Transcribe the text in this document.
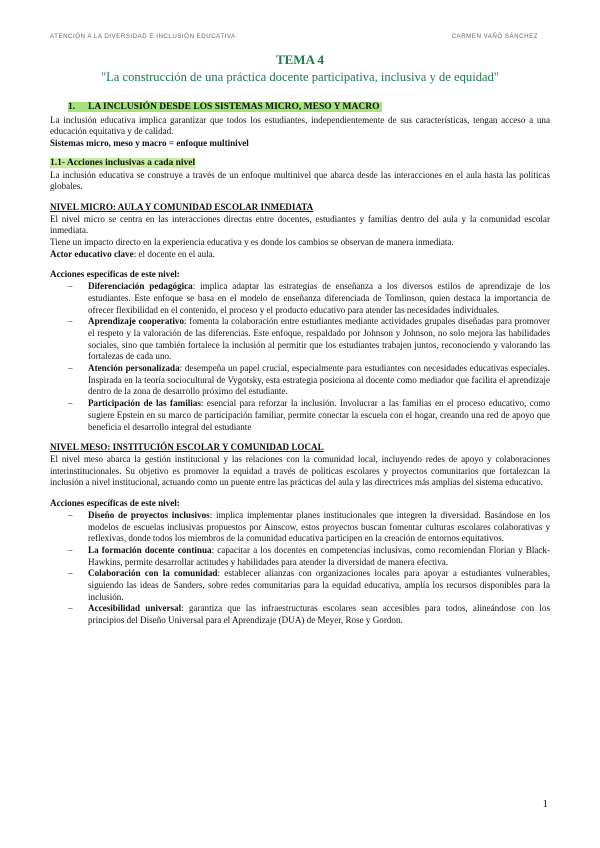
ATENCIÓN A LA DIVERSIDAD E INCLUSIÓN EDUCATIVA	CARMEN VAÑÓ SÁNCHEZ
TEMA 4
"La construcción de una práctica docente participativa, inclusiva y de equidad"

1. LA INCLUSIÓN DESDE LOS SISTEMAS MICRO, MESO Y MACRO

La inclusión educativa implica garantizar que todos los estudiantes, independientemente de sus características, tengan acceso a una educación equitativa y de calidad.

Sistemas micro, meso y macro = enfoque multinivel

1.1- Acciones inclusivas a cada nivel

La inclusión educativa se construye a través de un enfoque multinivel que abarca desde las interacciones en el aula hasta las políticas globales.

NIVEL MICRO: AULA Y COMUNIDAD ESCOLAR INMEDIATA

El nivel micro se centra en las interacciones directas entre docentes, estudiantes y familias dentro del aula y la comunidad escolar inmediata.

Tiene un impacto directo en la experiencia educativa y es donde los cambios se observan de manera inmediata.

Actor educativo clave: el docente en el aula.

Acciones específicas de este nivel:

– Diferenciación pedagógica: implica adaptar las estrategias de enseñanza a los diversos estilos de aprendizaje de los estudiantes. Este enfoque se basa en el modelo de enseñanza diferenciada de Tomlinson, quien destaca la importancia de ofrecer flexibilidad en el contenido, el proceso y el producto educativo para atender las necesidades individuales.
– Aprendizaje cooperativo: fomenta la colaboración entre estudiantes mediante actividades grupales diseñadas para promover el respeto y la valoración de las diferencias. Este enfoque, respaldado por Johnson y Johnson, no solo mejora las habilidades sociales, sino que también fortalece la inclusión al permitir que los estudiantes trabajen juntos, reconociendo y valorando las fortalezas de cada uno.
– Atención personalizada: desempeña un papel crucial, especialmente para estudiantes con necesidades educativas especiales. Inspirada en la teoría sociocultural de Vygotsky, esta estrategia posiciona al docente como mediador que facilita el aprendizaje dentro de la zona de desarrollo próximo del estudiante.
– Participación de las familias: esencial para reforzar la inclusión. Involucrar a las familias en el proceso educativo, como sugiere Epstein en su marco de participación familiar, permite conectar la escuela con el hogar, creando una red de apoyo que beneficia el desarrollo integral del estudiante

NIVEL MESO: INSTITUCIÓN ESCOLAR Y COMUNIDAD LOCAL

El nivel meso abarca la gestión institucional y las relaciones con la comunidad local, incluyendo redes de apoyo y colaboraciones interinstitucionales. Su objetivo es promover la equidad a través de políticas escolares y proyectos comunitarios que fortalezcan la inclusión a nivel institucional, actuando como un puente entre las prácticas del aula y las directrices más amplias del sistema educativo.

Acciones específicas de este nivel:

– Diseño de proyectos inclusivos: implica implementar planes institucionales que integren la diversidad. Basándose en los modelos de escuelas inclusivas propuestos por Ainscow, estos proyectos buscan fomentar culturas escolares colaborativas y reflexivas, donde todos los miembros de la comunidad educativa participen en la creación de entornos equitativos.
– La formación docente continua: capacitar a los docentes en competencias inclusivas, como recomiendan Florian y Black-Hawkins, permite desarrollar actitudes y habilidades para atender la diversidad de manera efectiva.
– Colaboración con la comunidad: establecer alianzas con organizaciones locales para apoyar a estudiantes vulnerables, siguiendo las ideas de Sanders, sobre redes comunitarias para la equidad educativa, amplía los recursos disponibles para la inclusión.
– Accesibilidad universal: garantiza que las infraestructuras escolares sean accesibles para todos, alineándose con los principios del Diseño Universal para el Aprendizaje (DUA) de Meyer, Rose y Gordon.
1
